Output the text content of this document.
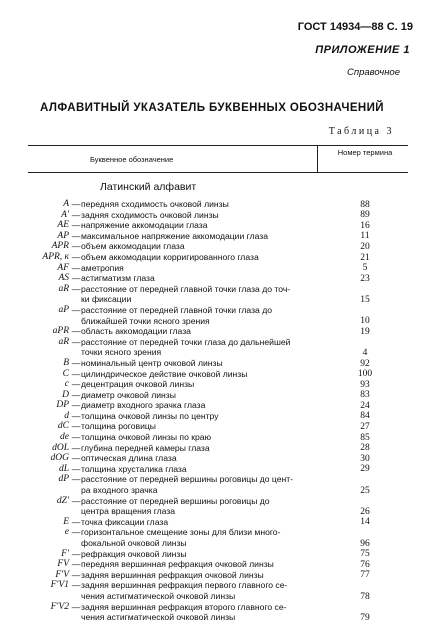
ГОСТ 14934—88 С. 19
ПРИЛОЖЕНИЕ 1
Справочное
АЛФАВИТНЫЙ УКАЗАТЕЛЬ БУКВЕННЫХ ОБОЗНАЧЕНИЙ
Таблица 3
Буквенное обозначение
Номер термина
Латинский алфавит
A — передняя сходимость очковой линзы	88
A' — задняя сходимость очковой линзы	89
AE — напряжение аккомодации глаза	16
AP — максимальное напряжение аккомодации глаза	11
APR — объем аккомодации глаза	20
APR, к — объем аккомодации корригированного глаза	21
AF — аметропия	5
AS — астигматизм глаза	23
aR — расстояние от передней главной точки глаза до точ-
ки фиксации	15
aP — расстояние от передней главной точки глаза до
ближайшей точки ясного зрения	10
aPR — область аккомодации глаза	19
aR — расстояние от передней точки глаза до дальнейшей
точки ясного зрения	4
B — номинальный центр очковой линзы	92
C — цилиндрическое действие очковой линзы	100
c — децентрация очковой линзы	93
D — диаметр очковой линзы	83
DP — диаметр входного зрачка глаза	24
d — толщина очковой линзы по центру	84
dC — толщина роговицы	27
de — толщина очковой линзы по краю	85
dOL — глубина передней камеры глаза	28
dOG — оптическая длина глаза	30
dL — толщина хрусталика глаза	29
dP — расстояние от передней вершины роговицы до цент-
ра входного зрачка	25
dZ' — расстояние от передней вершины роговицы до
центра вращения глаза	26
E — точка фиксации глаза	14
e — горизонтальное смещение зоны для близи много-
фокальной очковой линзы	96
F' — рефракция очковой линзы	75
FV — передняя вершинная рефракция очковой линзы	76
F'V — задняя вершинная рефракция очковой линзы	77
F'V1 — задняя вершинная рефракция первого главного се-
чения астигматической очковой линзы	78
F'V2 — задняя вершинная рефракция второго главного се-
чения астигматической очковой линзы	79
